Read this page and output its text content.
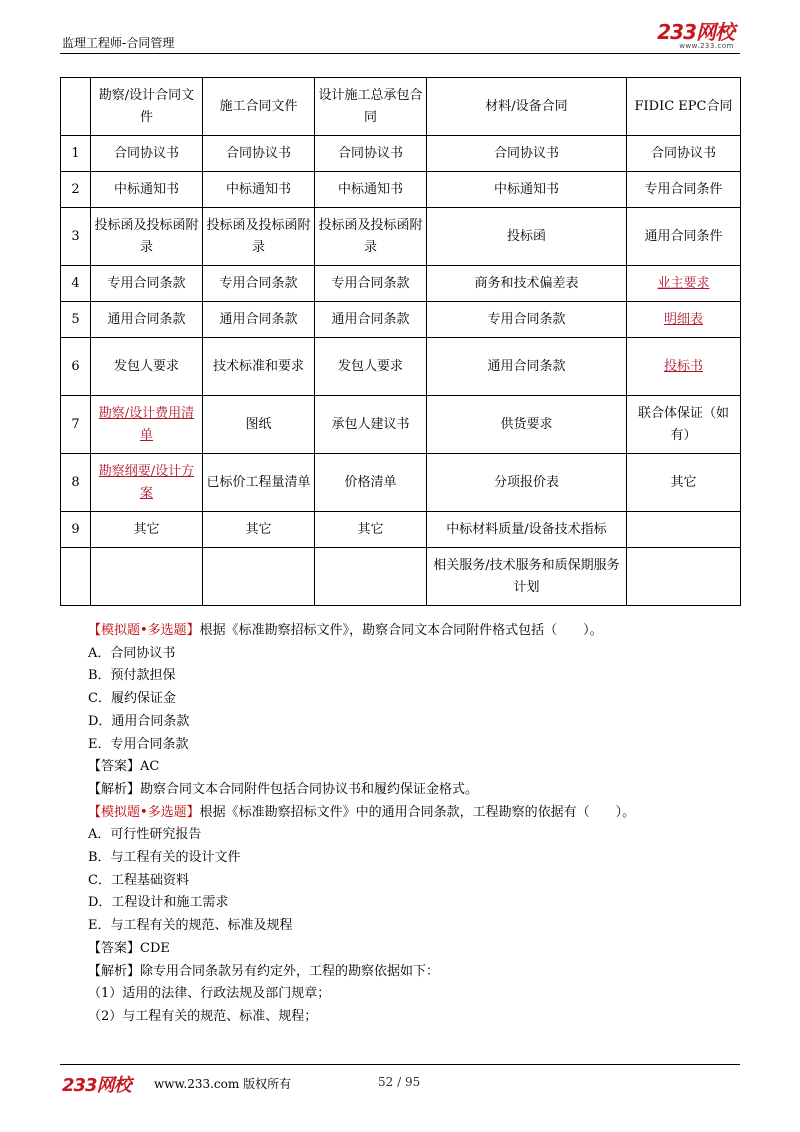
监理工程师-合同管理	233网校
www.233.com
	勘察/设计合同文件	施工合同文件	设计施工总承包合同	材料/设备合同	FIDIC EPC合同
1	合同协议书	合同协议书	合同协议书	合同协议书	合同协议书
2	中标通知书	中标通知书	中标通知书	中标通知书	专用合同条件
3	投标函及投标函附录	投标函及投标函附录	投标函及投标函附录	投标函	通用合同条件
4	专用合同条款	专用合同条款	专用合同条款	商务和技术偏差表	业主要求
5	通用合同条款	通用合同条款	通用合同条款	专用合同条款	明细表
6	发包人要求	技术标准和要求	发包人要求	通用合同条款	投标书
7	勘察/设计费用清单	图纸	承包人建议书	供货要求	联合体保证（如有）
8	勘察纲要/设计方案	已标价工程量清单	价格清单	分项报价表	其它
9	其它	其它	其它	中标材料质量/设备技术指标	
				相关服务/技术服务和质保期服务计划	

【模拟题•多选题】根据《标准勘察招标文件》，勘察合同文本合同附件格式包括（　　）。

A．合同协议书

B．预付款担保

C．履约保证金

D．通用合同条款

E．专用合同条款

【答案】AC

【解析】勘察合同文本合同附件包括合同协议书和履约保证金格式。

【模拟题•多选题】根据《标准勘察招标文件》中的通用合同条款，工程勘察的依据有（　　）。

A．可行性研究报告

B．与工程有关的设计文件

C．工程基础资料

D．工程设计和施工需求

E．与工程有关的规范、标准及规程

【答案】CDE

【解析】除专用合同条款另有约定外，工程的勘察依据如下：

（1）适用的法律、行政法规及部门规章；

（2）与工程有关的规范、标准、规程；

233网校 www.233.com 版权所有	52 / 95
